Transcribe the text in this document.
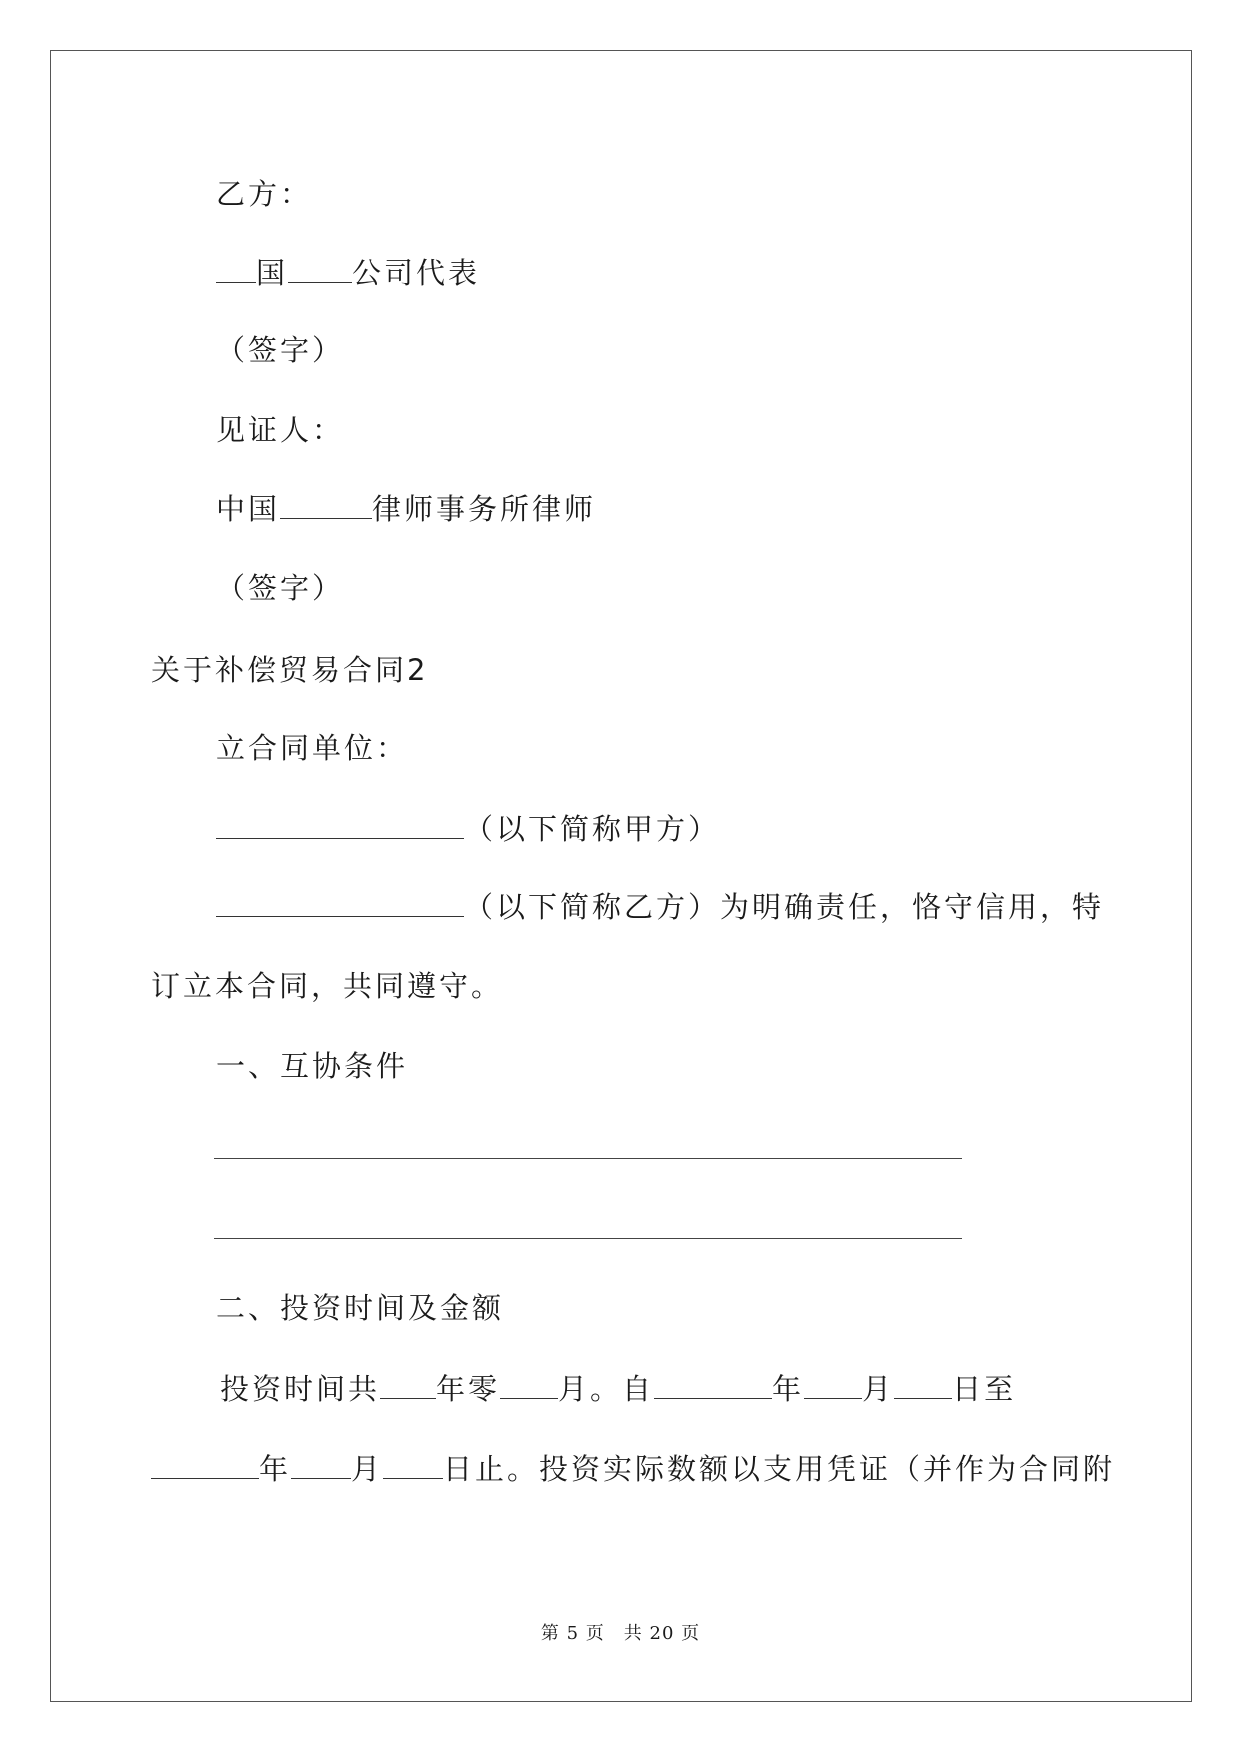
乙方：
国 公司代表
（签字）
见证人：
中国	律师事务所律师
（签字）
关于补偿贸易合同2
立合同单位：
（以下简称甲方）
（以下简称乙方）为明确责任，恪守信用，特
订立本合同，共同遵守。
一、互协条件
二、投资时间及金额
投资时间共 年零 月。自	年 月 日至
年 月 日止。投资实际数额以支用凭证（并作为合同附
第 5 页　共 20 页
